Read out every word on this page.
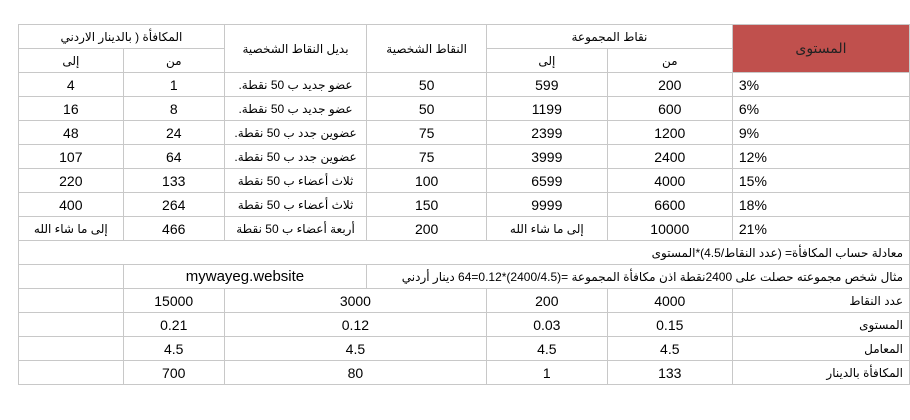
المستوى	نقاط المجموعة		النقاط الشخصية	بديل النقاط الشخصية	المكافأة ( بالدينار الاردني	
	من	إلى			من	إلى
3%	200	599	50	عضو جديد ب 50 نقطة.	1	4
6%	600	1199	50	عضو جديد ب 50 نقطة.	8	16
9%	1200	2399	75	عضوين جدد ب 50 نقطة.	24	48
12%	2400	3999	75	عضوين جدد ب 50 نقطة.	64	107
15%	4000	6599	100	ثلاث أعضاء ب 50 نقطة	133	220
18%	6600	9999	150	ثلاث أعضاء ب 50 نقطة	264	400
21%	10000	إلى ما شاء الله	200	أربعة أعضاء ب 50 نقطة	466	إلى ما شاء الله
معادلة حساب المكافأة= (عدد النقاط/4.5)*المستوى						
مثال شخص مجموعته حصلت على 2400نقطة اذن مكافأة المجموعة =(2400/4.5)*0.12=64 دينار أردني				mywayeg.website		
عدد النقاط	4000	200	3000		15000	
المستوى	0.15	0.03	0.12		0.21	
المعامل	4.5	4.5	4.5		4.5	
المكافأة بالدينار	133	1	80		700	
